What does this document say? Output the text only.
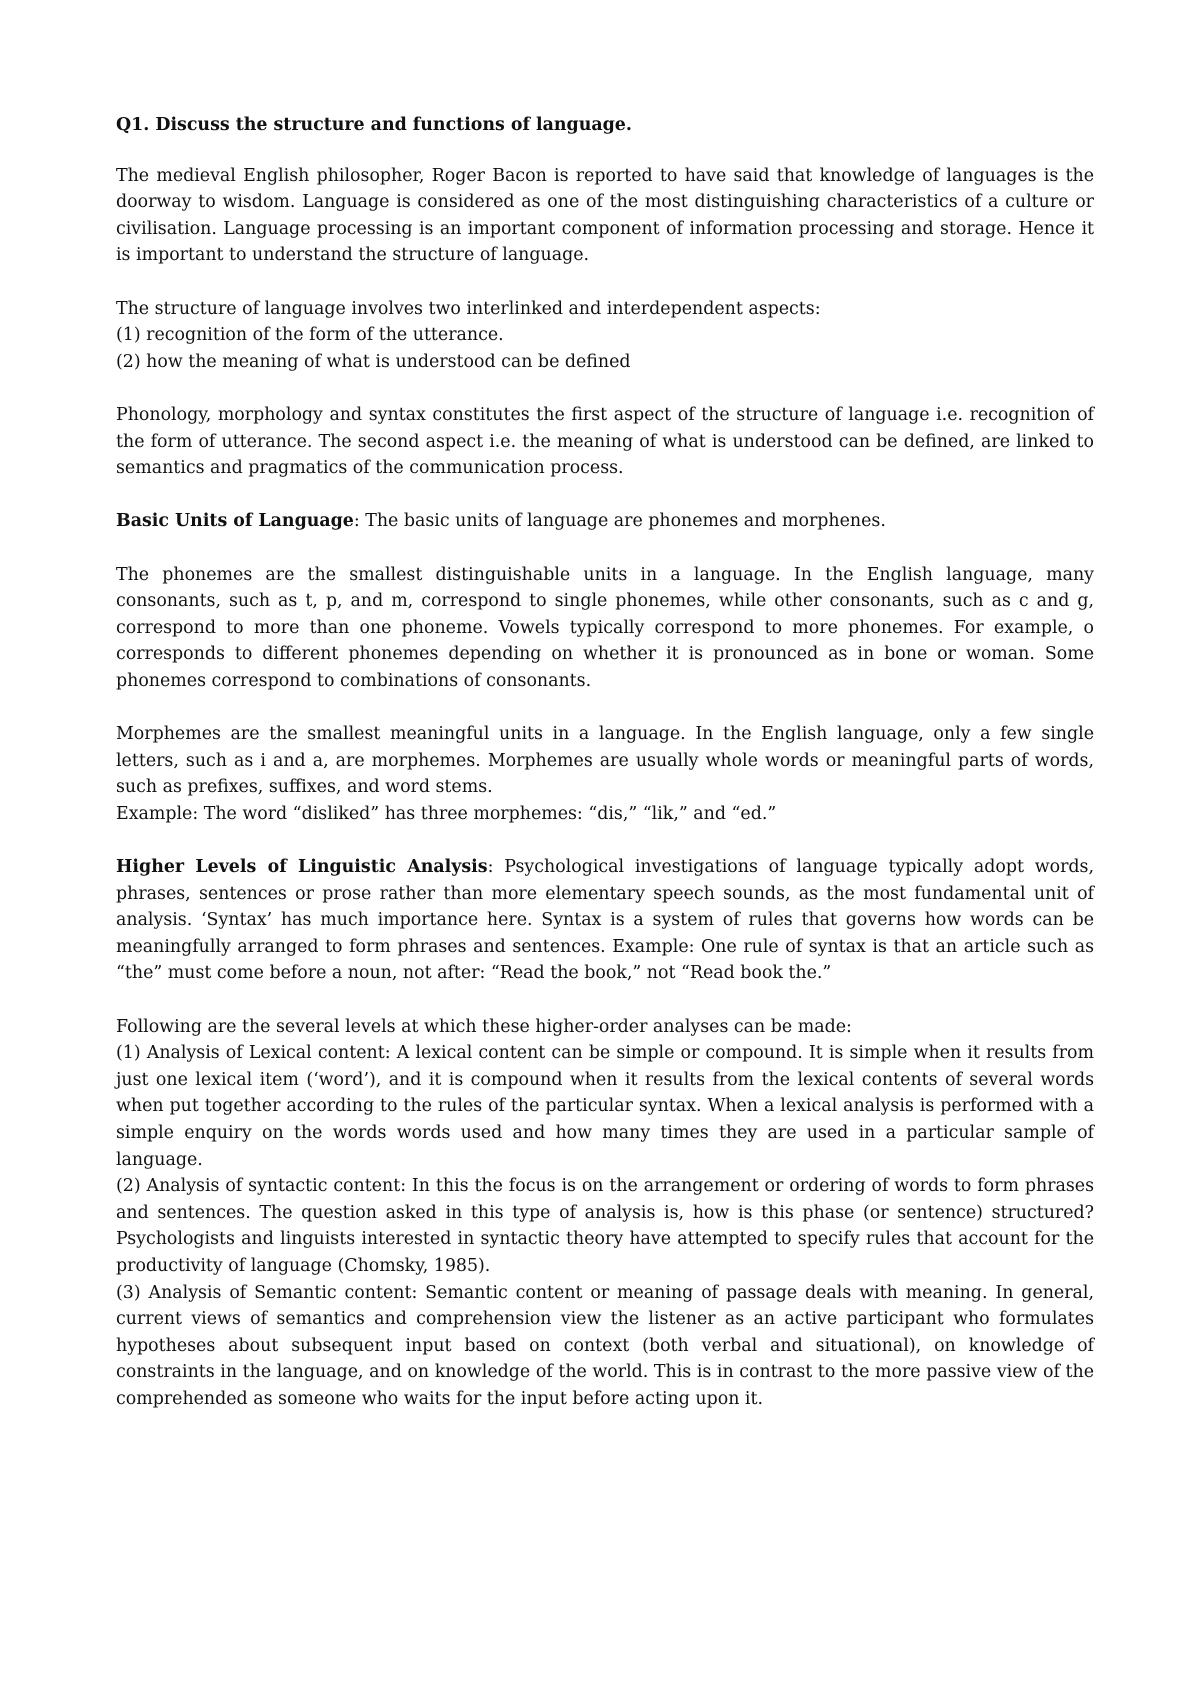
Q1. Discuss the structure and functions of language.

The medieval English philosopher, Roger Bacon is reported to have said that knowledge of languages is the doorway to wisdom. Language is considered as one of the most distinguishing characteristics of a culture or civilisation. Language processing is an important component of information processing and storage. Hence it is important to understand the structure of language.

The structure of language involves two interlinked and interdependent aspects:
(1) recognition of the form of the utterance.
(2) how the meaning of what is understood can be defined

Phonology, morphology and syntax constitutes the first aspect of the structure of language i.e. recognition of the form of utterance. The second aspect i.e. the meaning of what is understood can be defined, are linked to semantics and pragmatics of the communication process.

Basic Units of Language: The basic units of language are phonemes and morphenes.

The phonemes are the smallest distinguishable units in a language. In the English language, many consonants, such as t, p, and m, correspond to single phonemes, while other consonants, such as c and g, correspond to more than one phoneme. Vowels typically correspond to more phonemes. For example, o corresponds to different phonemes depending on whether it is pronounced as in bone or woman. Some phonemes correspond to combinations of consonants.

Morphemes are the smallest meaningful units in a language. In the English language, only a few single letters, such as i and a, are morphemes. Morphemes are usually whole words or meaningful parts of words, such as prefixes, suffixes, and word stems.
Example: The word “disliked” has three morphemes: “dis,” “lik,” and “ed.”

Higher Levels of Linguistic Analysis: Psychological investigations of language typically adopt words, phrases, sentences or prose rather than more elementary speech sounds, as the most fundamental unit of analysis. ‘Syntax’ has much importance here. Syntax is a system of rules that governs how words can be meaningfully arranged to form phrases and sentences. Example: One rule of syntax is that an article such as “the” must come before a noun, not after: “Read the book,” not “Read book the.”

Following are the several levels at which these higher-order analyses can be made:
(1) Analysis of Lexical content: A lexical content can be simple or compound. It is simple when it results from just one lexical item (‘word’), and it is compound when it results from the lexical contents of several words when put together according to the rules of the particular syntax. When a lexical analysis is performed with a simple enquiry on the words words used and how many times they are used in a particular sample of language.
(2) Analysis of syntactic content: In this the focus is on the arrangement or ordering of words to form phrases and sentences. The question asked in this type of analysis is, how is this phase (or sentence) structured? Psychologists and linguists interested in syntactic theory have attempted to specify rules that account for the productivity of language (Chomsky, 1985).
(3) Analysis of Semantic content: Semantic content or meaning of passage deals with meaning. In general, current views of semantics and comprehension view the listener as an active participant who formulates hypotheses about subsequent input based on context (both verbal and situational), on knowledge of constraints in the language, and on knowledge of the world. This is in contrast to the more passive view of the comprehended as someone who waits for the input before acting upon it.
